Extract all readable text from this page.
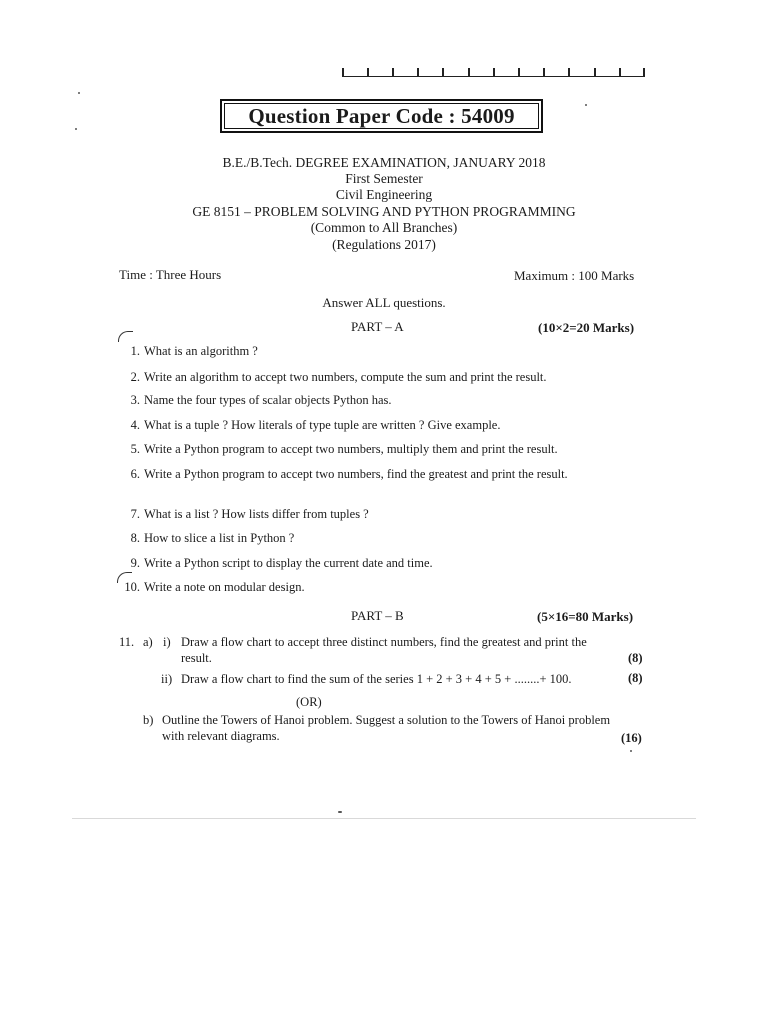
Question Paper Code : 54009
B.E./B.Tech. DEGREE EXAMINATION, JANUARY 2018
First Semester
Civil Engineering
GE 8151 – PROBLEM SOLVING AND PYTHON PROGRAMMING
(Common to All Branches)
(Regulations 2017)
Time : Three Hours	Maximum : 100 Marks
Answer ALL questions.
PART – A	(10×2=20 Marks)
1. What is an algorithm ?
2. Write an algorithm to accept two numbers, compute the sum and print the result.
3. Name the four types of scalar objects Python has.
4. What is a tuple ? How literals of type tuple are written ? Give example.
5. Write a Python program to accept two numbers, multiply them and print the result.
6. Write a Python program to accept two numbers, find the greatest and print the result.
7. What is a list ? How lists differ from tuples ?
8. How to slice a list in Python ?
9. Write a Python script to display the current date and time.
10. Write a note on modular design.
PART – B	(5×16=80 Marks)
11. a) i) Draw a flow chart to accept three distinct numbers, find the greatest and print the result.	(8)
ii) Draw a flow chart to find the sum of the series 1 + 2 + 3 + 4 + 5 + ........+ 100.	(8)
(OR)
b) Outline the Towers of Hanoi problem. Suggest a solution to the Towers of Hanoi problem with relevant diagrams.	(16)
